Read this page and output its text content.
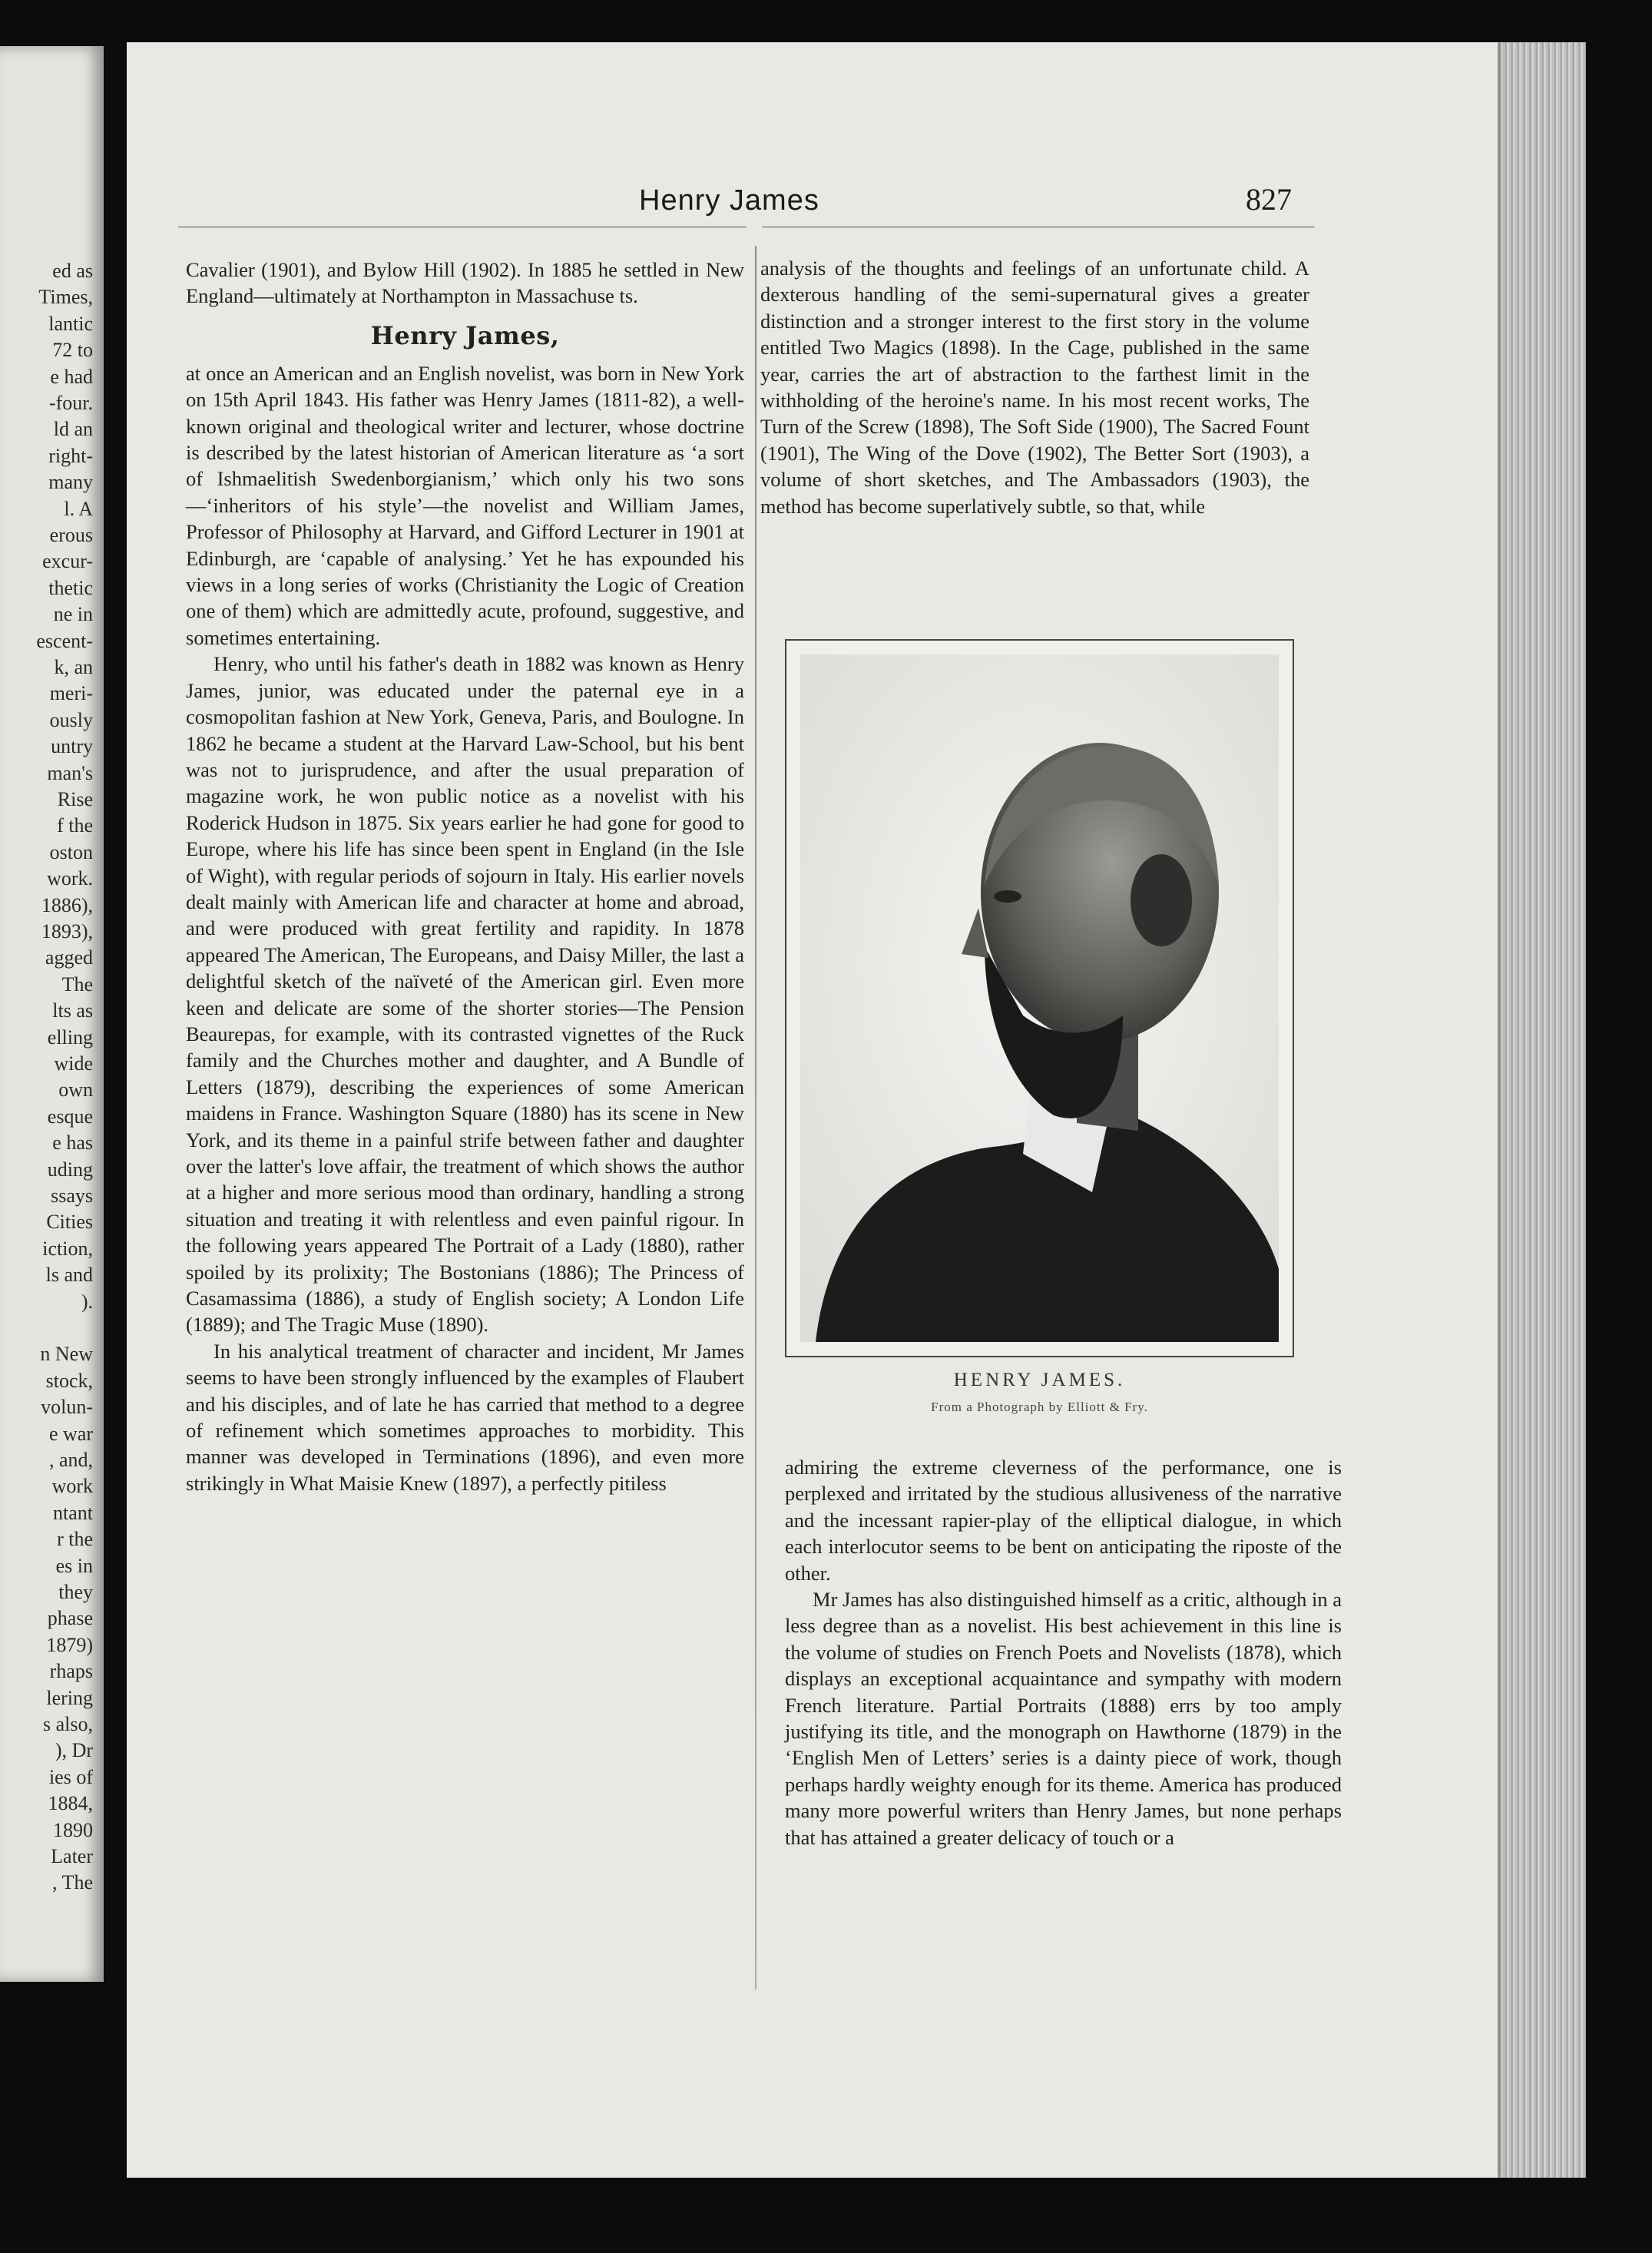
ed as
Times,
lantic
72 to
e had
-four.
ld an
right-
many
l. A
erous
excur-
thetic
ne in
escent-
k, an
meri-
ously
untry
man's
Rise
f the
oston
work.
1886),
1893),
agged
The
lts as
elling
wide
own
esque
e has
uding
ssays
Cities
iction,
ls and
).
n New
stock,
volun-
e war
, and,
work
ntant
r the
es in
they
phase
1879)
rhaps
lering
s also,
), Dr
ies of
1884,
1890
Later
, The
Henry James	827

Cavalier (1901), and Bylow Hill (1902). In 1885 he settled in New England—ultimately at Northampton in Massachuse ts.

Henry James,

at once an American and an English novelist, was born in New York on 15th April 1843. His father was Henry James (1811-82), a well-known original and theological writer and lecturer, whose doctrine is described by the latest historian of American literature as ‘a sort of Ishmaelitish Swedenborgianism,’ which only his two sons—‘inheritors of his style’—the novelist and William James, Professor of Philosophy at Harvard, and Gifford Lecturer in 1901 at Edinburgh, are ‘capable of analysing.’ Yet he has expounded his views in a long series of works (Christianity the Logic of Creation one of them) which are admittedly acute, profound, suggestive, and sometimes entertaining.

Henry, who until his father's death in 1882 was known as Henry James, junior, was educated under the paternal eye in a cosmopolitan fashion at New York, Geneva, Paris, and Boulogne. In 1862 he became a student at the Harvard Law-School, but his bent was not to jurisprudence, and after the usual preparation of magazine work, he won public notice as a novelist with his Roderick Hudson in 1875. Six years earlier he had gone for good to Europe, where his life has since been spent in England (in the Isle of Wight), with regular periods of sojourn in Italy. His earlier novels dealt mainly with American life and character at home and abroad, and were produced with great fertility and rapidity. In 1878 appeared The American, The Europeans, and Daisy Miller, the last a delightful sketch of the naïveté of the American girl. Even more keen and delicate are some of the shorter stories—The Pension Beaurepas, for example, with its contrasted vignettes of the Ruck family and the Churches mother and daughter, and A Bundle of Letters (1879), describing the experiences of some American maidens in France. Washington Square (1880) has its scene in New York, and its theme in a painful strife between father and daughter over the latter's love affair, the treatment of which shows the author at a higher and more serious mood than ordinary, handling a strong situation and treating it with relentless and even painful rigour. In the following years appeared The Portrait of a Lady (1880), rather spoiled by its prolixity; The Bostonians (1886); The Princess of Casamassima (1886), a study of English society; A London Life (1889); and The Tragic Muse (1890).

In his analytical treatment of character and incident, Mr James seems to have been strongly influenced by the examples of Flaubert and his disciples, and of late he has carried that method to a degree of refinement which sometimes approaches to morbidity. This manner was developed in Terminations (1896), and even more strikingly in What Maisie Knew (1897), a perfectly pitiless

analysis of the thoughts and feelings of an unfortunate child. A dexterous handling of the semi-supernatural gives a greater distinction and a stronger interest to the first story in the volume entitled Two Magics (1898). In the Cage, published in the same year, carries the art of abstraction to the farthest limit in the withholding of the heroine's name. In his most recent works, The Turn of the Screw (1898), The Soft Side (1900), The Sacred Fount (1901), The Wing of the Dove (1902), The Better Sort (1903), a volume of short sketches, and The Ambassadors (1903), the method has become superlatively subtle, so that, while

HENRY JAMES.
From a Photograph by Elliott & Fry.

admiring the extreme cleverness of the performance, one is perplexed and irritated by the studious allusiveness of the narrative and the incessant rapier-play of the elliptical dialogue, in which each interlocutor seems to be bent on anticipating the riposte of the other.

Mr James has also distinguished himself as a critic, although in a less degree than as a novelist. His best achievement in this line is the volume of studies on French Poets and Novelists (1878), which displays an exceptional acquaintance and sympathy with modern French literature. Partial Portraits (1888) errs by too amply justifying its title, and the monograph on Hawthorne (1879) in the ‘English Men of Letters’ series is a dainty piece of work, though perhaps hardly weighty enough for its theme. America has produced many more powerful writers than Henry James, but none perhaps that has attained a greater delicacy of touch or a
